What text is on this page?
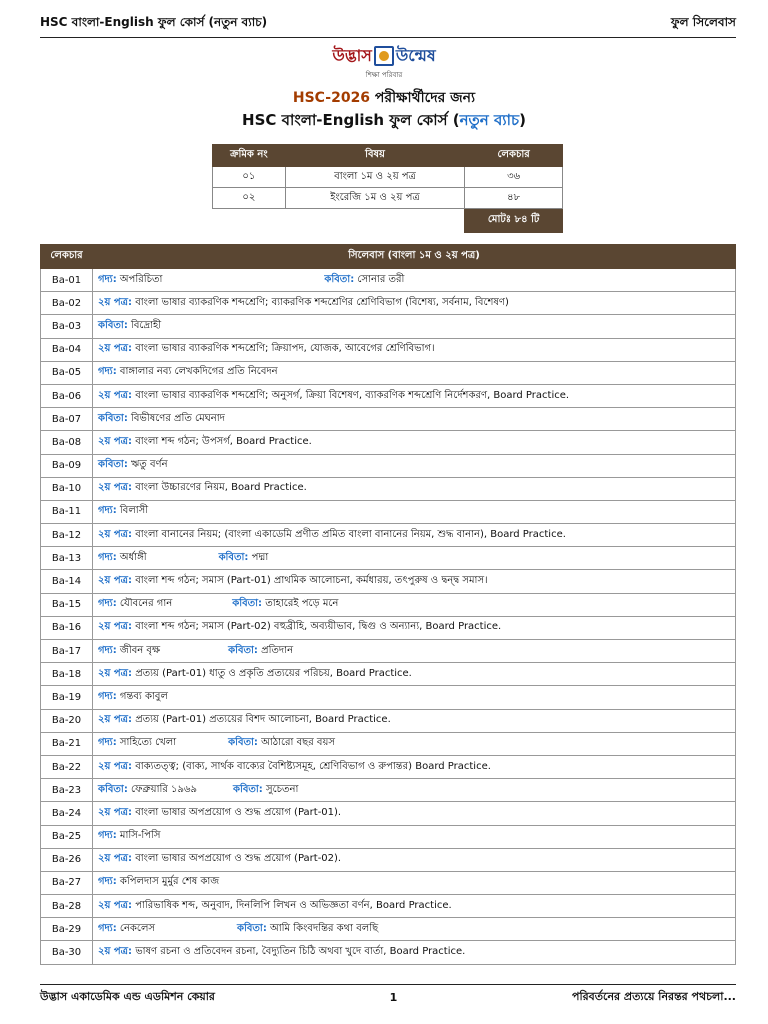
HSC বাংলা-English ফুল কোর্স (নতুন ব্যাচ)	ফুল সিলেবাস
উদ্ভাস উন্মেষ
শিক্ষা পরিবার
HSC-2026 পরীক্ষার্থীদের জন্য
HSC বাংলা-English ফুল কোর্স (নতুন ব্যাচ)
ক্রমিক নং	বিষয়	লেকচার
০১	বাংলা ১ম ও ২য় পত্র	৩৬
০২	ইংরেজি ১ম ও ২য় পত্র	৪৮
		মোটঃ ৮৪ টি
লেকচার	সিলেবাস (বাংলা ১ম ও ২য় পত্র)
Ba-01	গদ্য: অপরিচিতা কবিতা: সোনার তরী
Ba-02	২য় পত্র: বাংলা ভাষার ব্যাকরণিক শব্দশ্রেণি; ব্যাকরণিক শব্দশ্রেণির শ্রেণিবিভাগ (বিশেষ্য, সর্বনাম, বিশেষণ)
Ba-03	কবিতা: বিদ্রোহী
Ba-04	২য় পত্র: বাংলা ভাষার ব্যাকরণিক শব্দশ্রেণি; ক্রিয়াপদ, যোজক, আবেগের শ্রেণিবিভাগ।
Ba-05	গদ্য: বাঙ্গালার নব্য লেখকদিগের প্রতি নিবেদন
Ba-06	২য় পত্র: বাংলা ভাষার ব্যাকরণিক শব্দশ্রেণি; অনুসর্গ, ক্রিয়া বিশেষণ, ব্যাকরণিক শব্দশ্রেণি নির্দেশকরণ, Board Practice.
Ba-07	কবিতা: বিভীষণের প্রতি মেঘনাদ
Ba-08	২য় পত্র: বাংলা শব্দ গঠন; উপসর্গ, Board Practice.
Ba-09	কবিতা: ঋতু বর্ণন
Ba-10	২য় পত্র: বাংলা উচ্চারণের নিয়ম, Board Practice.
Ba-11	গদ্য: বিলাসী
Ba-12	২য় পত্র: বাংলা বানানের নিয়ম; (বাংলা একাডেমি প্রণীত প্রমিত বাংলা বানানের নিয়ম, শুদ্ধ বানান), Board Practice.
Ba-13	গদ্য: অর্ধাঙ্গী কবিতা: পদ্মা
Ba-14	২য় পত্র: বাংলা শব্দ গঠন; সমাস (Part-01) প্রাথমিক আলোচনা, কর্মধারয়, তৎপুরুষ ও দ্বন্দ্ব সমাস।
Ba-15	গদ্য: যৌবনের গান কবিতা: তাহারেই পড়ে মনে
Ba-16	২য় পত্র: বাংলা শব্দ গঠন; সমাস (Part-02) বহুব্রীহি, অব্যয়ীভাব, দ্বিগু ও অন্যান্য, Board Practice.
Ba-17	গদ্য: জীবন বৃক্ষ কবিতা: প্রতিদান
Ba-18	২য় পত্র: প্রত্যয় (Part-01) ধাতু ও প্রকৃতি প্রত্যয়ের পরিচয়, Board Practice.
Ba-19	গদ্য: গন্তব্য কাবুল
Ba-20	২য় পত্র: প্রত্যয় (Part-01) প্রত্যয়ের বিশদ আলোচনা, Board Practice.
Ba-21	গদ্য: সাহিত্যে খেলা কবিতা: আঠারো বছর বয়স
Ba-22	২য় পত্র: বাক্যতত্ত্ব; (বাক্য, সার্থক বাক্যের বৈশিষ্ট্যসমূহ, শ্রেণিবিভাগ ও রুপান্তর) Board Practice.
Ba-23	কবিতা: ফেব্রুয়ারি ১৯৬৯ কবিতা: সুচেতনা
Ba-24	২য় পত্র: বাংলা ভাষার অপপ্রয়োগ ও শুদ্ধ প্রয়োগ (Part-01).
Ba-25	গদ্য: মাসি-পিসি
Ba-26	২য় পত্র: বাংলা ভাষার অপপ্রয়োগ ও শুদ্ধ প্রয়োগ (Part-02).
Ba-27	গদ্য: কপিলদাস মুর্মুর শেষ কাজ
Ba-28	২য় পত্র: পারিভাষিক শব্দ, অনুবাদ, দিনলিপি লিখন ও অভিজ্ঞতা বর্ণন, Board Practice.
Ba-29	গদ্য: নেকলেস কবিতা: আমি কিংবদন্তির কথা বলছি
Ba-30	২য় পত্র: ভাষণ রচনা ও প্রতিবেদন রচনা, বৈদ্যুতিন চিঠি অথবা খুদে বার্তা, Board Practice.
উদ্ভাস একাডেমিক এন্ড এডমিশন কেয়ার	1	পরিবর্তনের প্রত্যয়ে নিরন্তর পথচলা...
